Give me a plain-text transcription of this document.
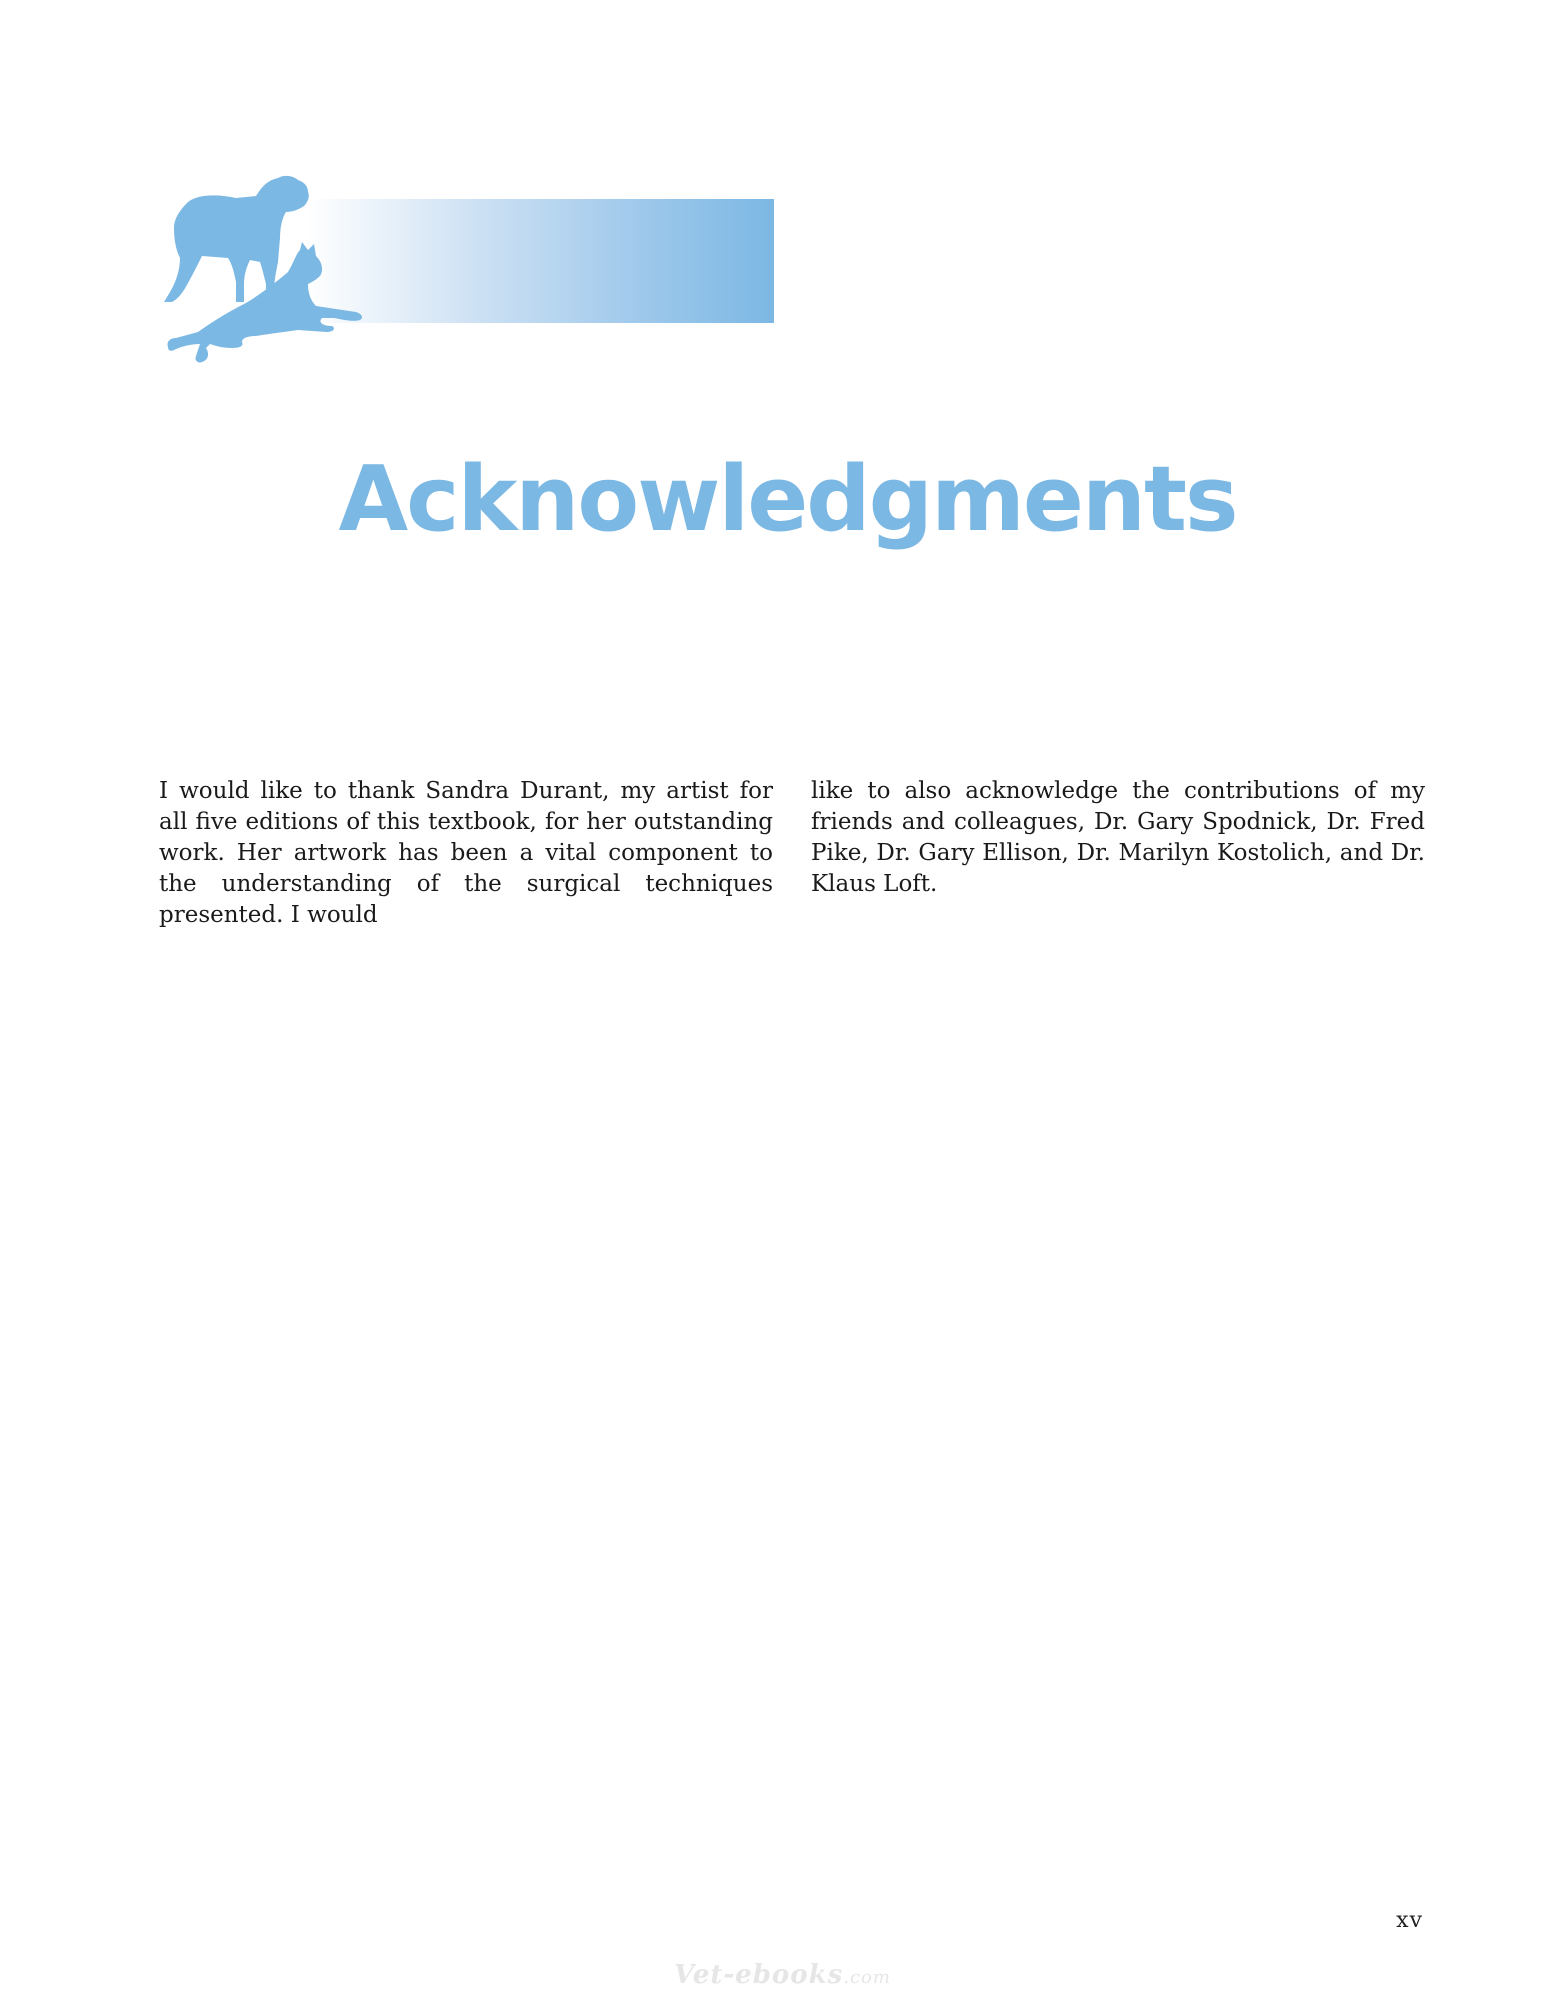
Acknowledgments

I would like to thank Sandra Durant, my artist for all five editions of this textbook, for her outstanding work. Her artwork has been a vital component to the understanding of the surgical techniques presented. I would

like to also acknowledge the contributions of my friends and colleagues, Dr. Gary Spodnick, Dr. Fred Pike, Dr. Gary Ellison, Dr. Marilyn Kostolich, and Dr. Klaus Loft.

xv
Vet-ebooks.com
